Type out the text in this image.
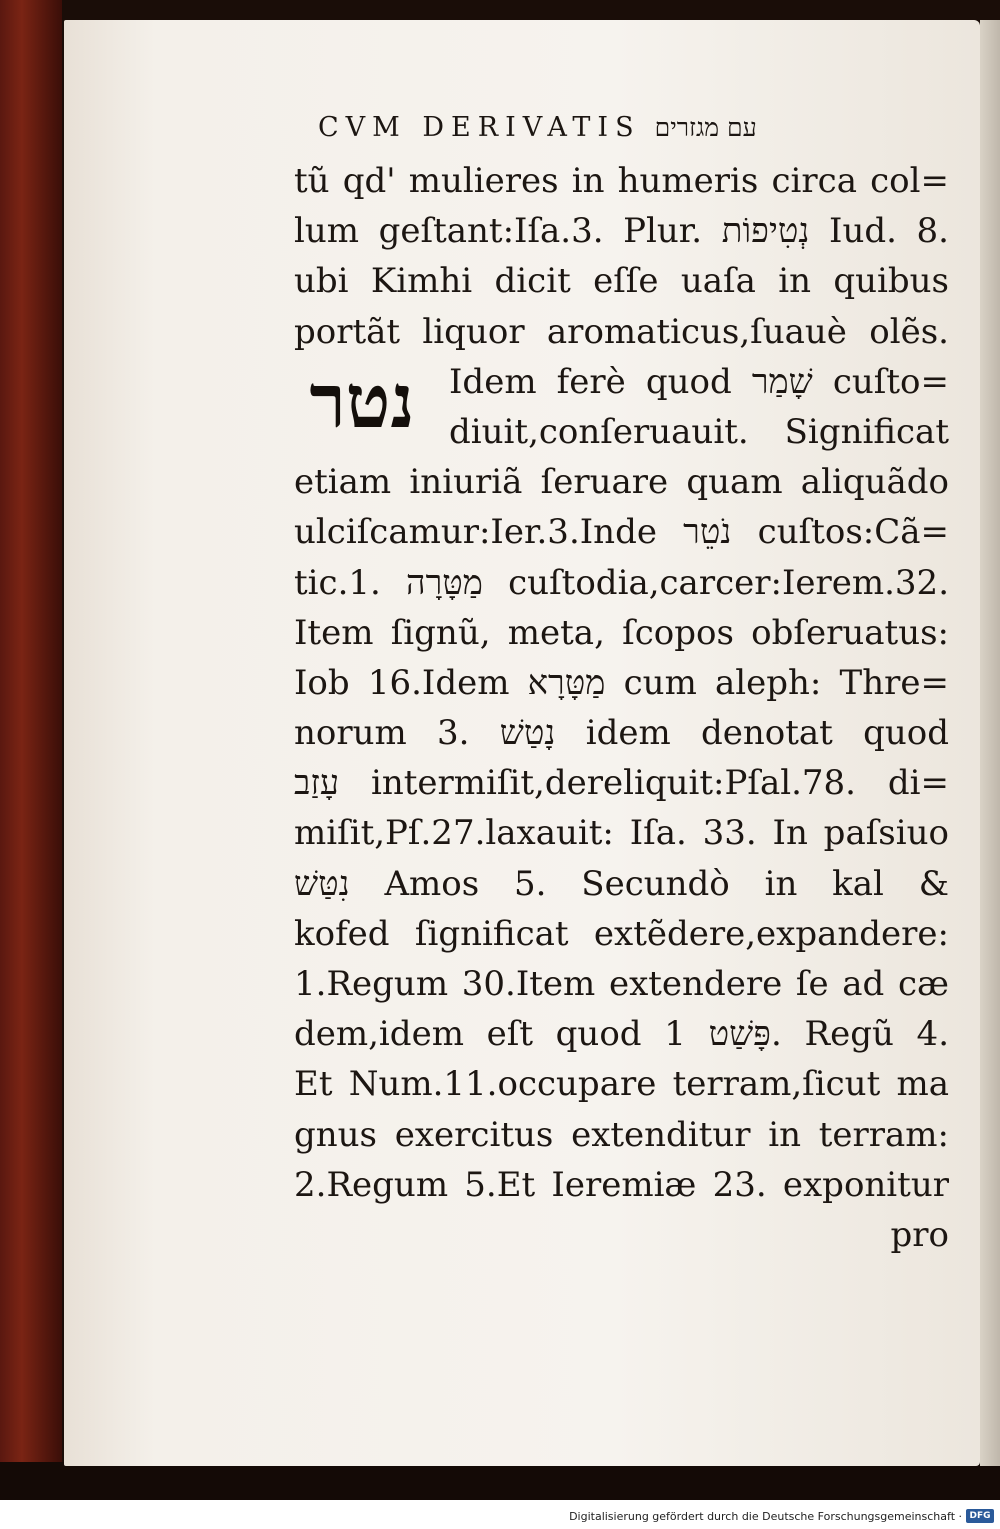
CVM DERIVATIS עם מגזרים
נטר
tũ qd' mulieres in humeris circa col=
lum geſtant:Iſa.3. Plur. נְטִיפוֹת Iud. 8.
ubi Kimhi dicit eſſe uaſa in quibus
portãt liquor aromaticus,ſuauè olẽs.
Idem ferè quod שָׁמַר cuſto=
diuit,conſeruauit. Significat
etiam iniuriã ſeruare quam aliquãdo
ulciſcamur:Ier.3.Inde נֹטֵר cuſtos:Cã=
tic.1. מַטָּרָה cuſtodia,carcer:Ierem.32.
Item ſignũ, meta, ſcopos obſeruatus:
Iob 16.Idem מַטָּרָא cum aleph: Thre=
norum 3. נָטַשׁ idem denotat quod
עָזַב intermiſit,dereliquit:Pſal.78. di=
miſit,Pſ.27.laxauit: Iſa. 33. In paſsiuo
נִטַּשׁ Amos 5. Secundò in kal &
kofed ſignificat extẽdere,expandere:
1.Regum 30.Item extendere ſe ad cæ
dem,idem eſt quod פָּשַׁט 1. Regũ 4.
Et Num.11.occupare terram,ſicut ma
gnus exercitus extenditur in terram:
2.Regum 5.Et Ieremiæ 23. exponitur
pro
Digitalisierung gefördert durch die Deutsche Forschungsgemeinschaft · DFG
